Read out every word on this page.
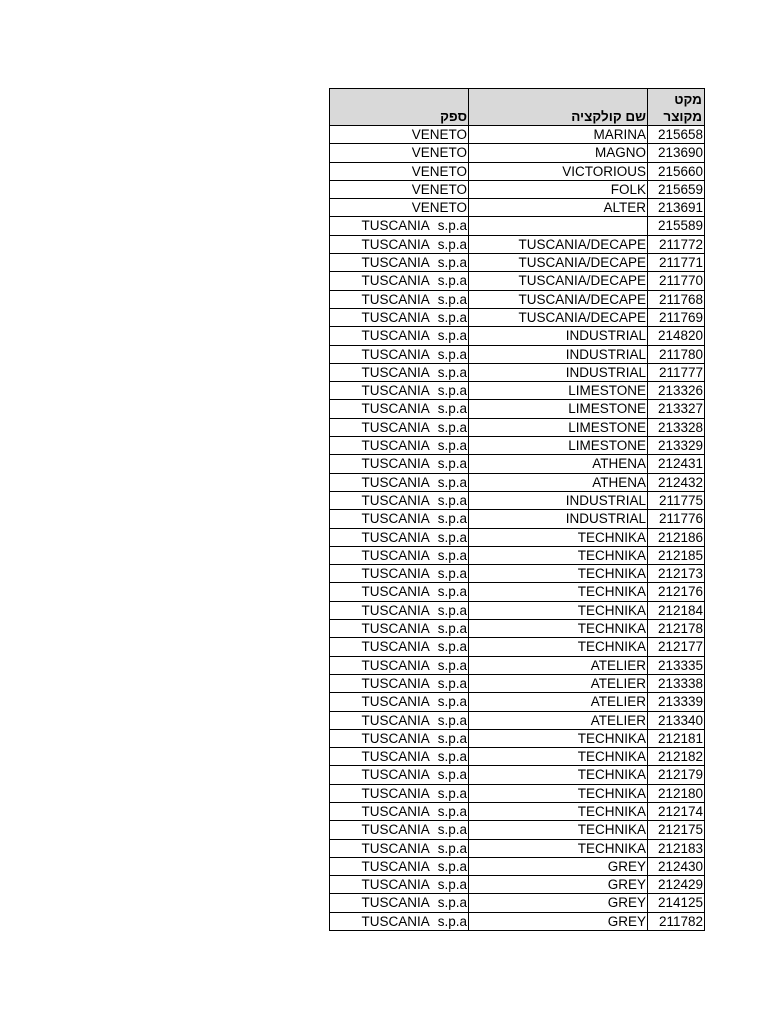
ספק	שם קולקציה	מקט מקוצר
VENETO	MARINA	215658
VENETO	MAGNO	213690
VENETO	VICTORIOUS	215660
VENETO	FOLK	215659
VENETO	ALTER	213691
TUSCANIA s.p.a		215589
TUSCANIA s.p.a	TUSCANIA/DECAPE	211772
TUSCANIA s.p.a	TUSCANIA/DECAPE	211771
TUSCANIA s.p.a	TUSCANIA/DECAPE	211770
TUSCANIA s.p.a	TUSCANIA/DECAPE	211768
TUSCANIA s.p.a	TUSCANIA/DECAPE	211769
TUSCANIA s.p.a	INDUSTRIAL	214820
TUSCANIA s.p.a	INDUSTRIAL	211780
TUSCANIA s.p.a	INDUSTRIAL	211777
TUSCANIA s.p.a	LIMESTONE	213326
TUSCANIA s.p.a	LIMESTONE	213327
TUSCANIA s.p.a	LIMESTONE	213328
TUSCANIA s.p.a	LIMESTONE	213329
TUSCANIA s.p.a	ATHENA	212431
TUSCANIA s.p.a	ATHENA	212432
TUSCANIA s.p.a	INDUSTRIAL	211775
TUSCANIA s.p.a	INDUSTRIAL	211776
TUSCANIA s.p.a	TECHNIKA	212186
TUSCANIA s.p.a	TECHNIKA	212185
TUSCANIA s.p.a	TECHNIKA	212173
TUSCANIA s.p.a	TECHNIKA	212176
TUSCANIA s.p.a	TECHNIKA	212184
TUSCANIA s.p.a	TECHNIKA	212178
TUSCANIA s.p.a	TECHNIKA	212177
TUSCANIA s.p.a	ATELIER	213335
TUSCANIA s.p.a	ATELIER	213338
TUSCANIA s.p.a	ATELIER	213339
TUSCANIA s.p.a	ATELIER	213340
TUSCANIA s.p.a	TECHNIKA	212181
TUSCANIA s.p.a	TECHNIKA	212182
TUSCANIA s.p.a	TECHNIKA	212179
TUSCANIA s.p.a	TECHNIKA	212180
TUSCANIA s.p.a	TECHNIKA	212174
TUSCANIA s.p.a	TECHNIKA	212175
TUSCANIA s.p.a	TECHNIKA	212183
TUSCANIA s.p.a	GREY	212430
TUSCANIA s.p.a	GREY	212429
TUSCANIA s.p.a	GREY	214125
TUSCANIA s.p.a	GREY	211782
